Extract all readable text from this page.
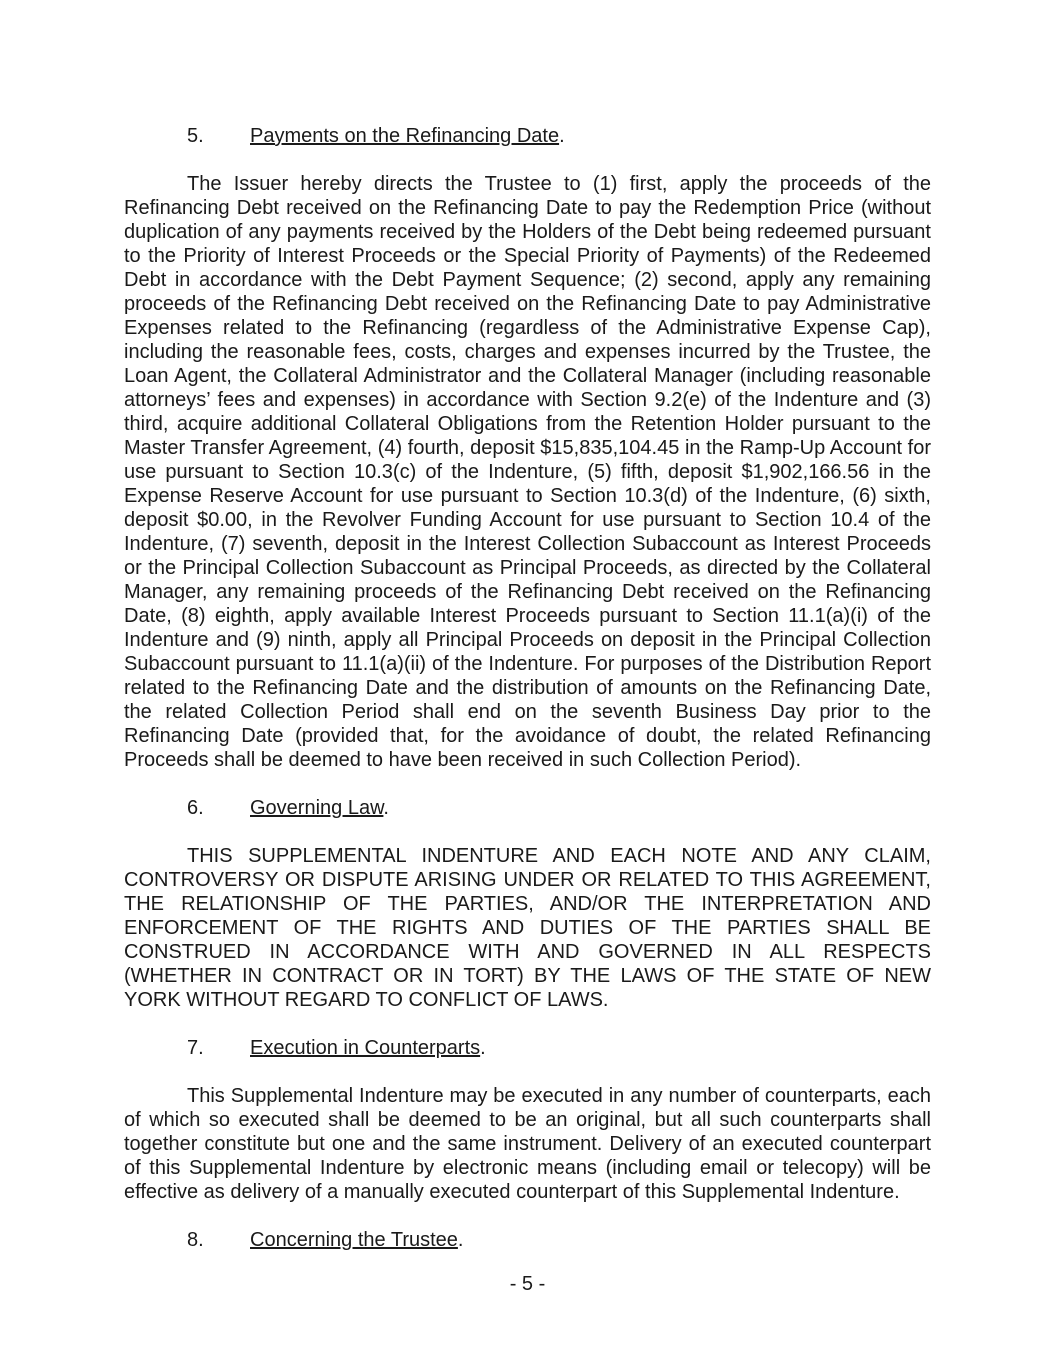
5. Payments on the Refinancing Date.

The Issuer hereby directs the Trustee to (1) first, apply the proceeds of the Refinancing Debt received on the Refinancing Date to pay the Redemption Price (without duplication of any payments received by the Holders of the Debt being redeemed pursuant to the Priority of Interest Proceeds or the Special Priority of Payments) of the Redeemed Debt in accordance with the Debt Payment Sequence; (2) second, apply any remaining proceeds of the Refinancing Debt received on the Refinancing Date to pay Administrative Expenses related to the Refinancing (regardless of the Administrative Expense Cap), including the reasonable fees, costs, charges and expenses incurred by the Trustee, the Loan Agent, the Collateral Administrator and the Collateral Manager (including reasonable attorneys’ fees and expenses) in accordance with Section 9.2(e) of the Indenture and (3) third, acquire additional Collateral Obligations from the Retention Holder pursuant to the Master Transfer Agreement, (4) fourth, deposit $15,835,104.45 in the Ramp-Up Account for use pursuant to Section 10.3(c) of the Indenture, (5) fifth, deposit $1,902,166.56 in the Expense Reserve Account for use pursuant to Section 10.3(d) of the Indenture, (6) sixth, deposit $0.00, in the Revolver Funding Account for use pursuant to Section 10.4 of the Indenture, (7) seventh, deposit in the Interest Collection Subaccount as Interest Proceeds or the Principal Collection Subaccount as Principal Proceeds, as directed by the Collateral Manager, any remaining proceeds of the Refinancing Debt received on the Refinancing Date, (8) eighth, apply available Interest Proceeds pursuant to Section 11.1(a)(i) of the Indenture and (9) ninth, apply all Principal Proceeds on deposit in the Principal Collection Subaccount pursuant to 11.1(a)(ii) of the Indenture. For purposes of the Distribution Report related to the Refinancing Date and the distribution of amounts on the Refinancing Date, the related Collection Period shall end on the seventh Business Day prior to the Refinancing Date (provided that, for the avoidance of doubt, the related Refinancing Proceeds shall be deemed to have been received in such Collection Period).

6. Governing Law.

THIS SUPPLEMENTAL INDENTURE AND EACH NOTE AND ANY CLAIM, CONTROVERSY OR DISPUTE ARISING UNDER OR RELATED TO THIS AGREEMENT, THE RELATIONSHIP OF THE PARTIES, AND/OR THE INTERPRETATION AND ENFORCEMENT OF THE RIGHTS AND DUTIES OF THE PARTIES SHALL BE CONSTRUED IN ACCORDANCE WITH AND GOVERNED IN ALL RESPECTS (WHETHER IN CONTRACT OR IN TORT) BY THE LAWS OF THE STATE OF NEW YORK WITHOUT REGARD TO CONFLICT OF LAWS.

7. Execution in Counterparts.

This Supplemental Indenture may be executed in any number of counterparts, each of which so executed shall be deemed to be an original, but all such counterparts shall together constitute but one and the same instrument. Delivery of an executed counterpart of this Supplemental Indenture by electronic means (including email or telecopy) will be effective as delivery of a manually executed counterpart of this Supplemental Indenture.

8. Concerning the Trustee.
- 5 -
